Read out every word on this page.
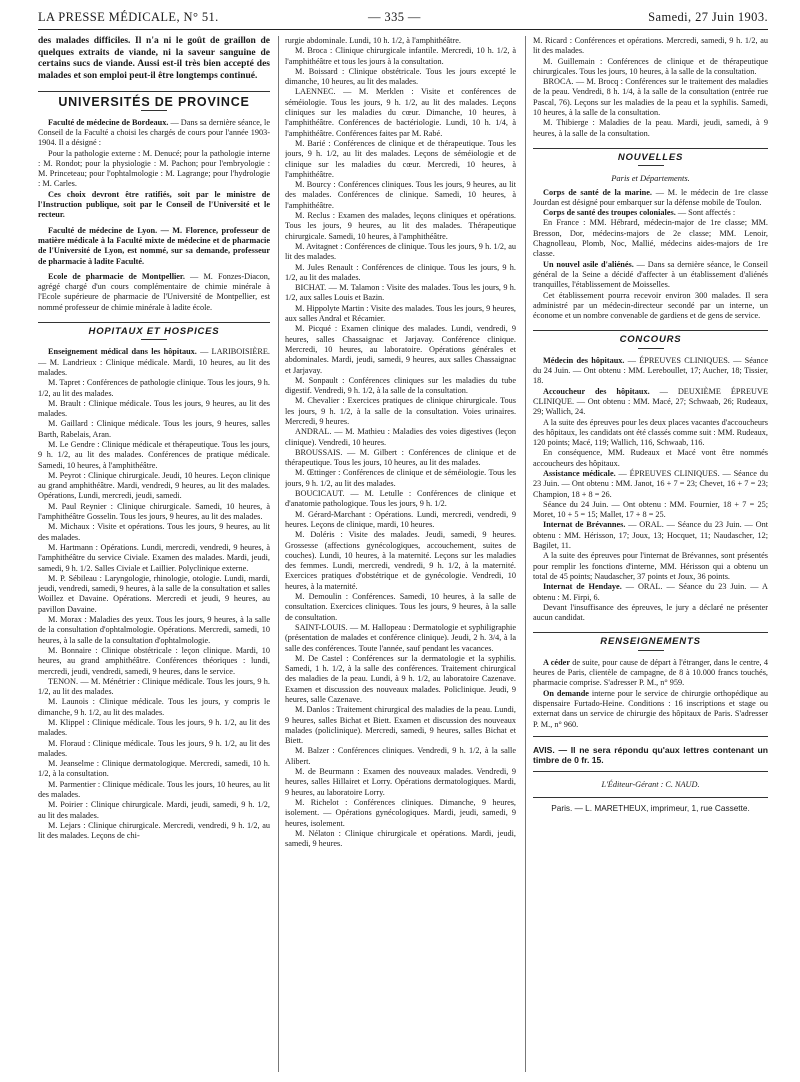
LA PRESSE MÉDICALE, N° 51.	— 335 —	Samedi, 27 Juin 1903.

des malades difficiles. Il n'a ni le goût de graillon de quelques extraits de viande, ni la saveur sanguine de certains sucs de viande. Aussi est-il très bien accepté des malades et son emploi peut-il être longtemps continué.

UNIVERSITÉS DE PROVINCE

Faculté de médecine de Bordeaux. — Dans sa dernière séance, le Conseil de la Faculté a choisi les chargés de cours pour l'année 1903-1904. Il a désigné :

Pour la pathologie externe : M. Denucé; pour la pathologie interne : M. Rondot; pour la physiologie : M. Pachon; pour l'embryologie : M. Princeteau; pour l'ophtalmologie : M. Lagrange; pour l'hydrologie : M. Carles.

Ces choix devront être ratifiés, soit par le ministre de l'Instruction publique, soit par le Conseil de l'Université et le recteur.

Faculté de médecine de Lyon. — M. Florence, professeur de matière médicale à la Faculté mixte de médecine et de pharmacie de l'Université de Lyon, est nommé, sur sa demande, professeur de pharmacie à ladite Faculté.

Ecole de pharmacie de Montpellier. — M. Fonzes-Diacon, agrégé chargé d'un cours complémentaire de chimie minérale à l'Ecole supérieure de pharmacie de l'Université de Montpellier, est nommé professeur de chimie minérale à ladite école.

HOPITAUX ET HOSPICES

Enseignement médical dans les hôpitaux. — LARIBOISIÈRE. — M. Landrieux : Clinique médicale. Mardi, 10 heures, au lit des malades.

M. Tapret : Conférences de pathologie clinique. Tous les jours, 9 h. 1/2, au lit des malades.

M. Brault : Clinique médicale. Tous les jours, 9 heures, au lit des malades.

M. Gaillard : Clinique médicale. Tous les jours, 9 heures, salles Barth, Rabelais, Aran.

M. Le Gendre : Clinique médicale et thérapeutique. Tous les jours, 9 h. 1/2, au lit des malades. Conférences de pratique médicale. Samedi, 10 heures, à l'amphithéâtre.

M. Peyrot : Clinique chirurgicale. Jeudi, 10 heures. Leçon clinique au grand amphithéâtre. Mardi, vendredi, 9 heures, au lit des malades. Opérations, Lundi, mercredi, jeudi, samedi.

M. Paul Reynier : Clinique chirurgicale. Samedi, 10 heures, à l'amphithéâtre Gosselin. Tous les jours, 9 heures, au lit des malades.

M. Michaux : Visite et opérations. Tous les jours, 9 heures, au lit des malades.

M. Hartmann : Opérations. Lundi, mercredi, vendredi, 9 heures, à l'amphithéâtre du service Civiale. Examen des malades. Mardi, jeudi, samedi, 9 h. 1/2. Salles Civiale et Laillier. Polyclinique externe.

M. P. Sébileau : Laryngologie, rhinologie, otologie. Lundi, mardi, jeudi, vendredi, samedi, 9 heures, à la salle de la consultation et salles Woillez et Davaine. Opérations. Mercredi et jeudi, 9 heures, au pavillon Davaine.

M. Morax : Maladies des yeux. Tous les jours, 9 heures, à la salle de la consultation d'ophtalmologie. Opérations. Mercredi, samedi, 10 heures, à la salle de la consultation d'ophtalmologie.

M. Bonnaire : Clinique obstétricale : leçon clinique. Mardi, 10 heures, au grand amphithéâtre. Conférences théoriques : lundi, mercredi, jeudi, vendredi, samedi, 9 heures, dans le service.

TENON. — M. Ménétrier : Clinique médicale. Tous les jours, 9 h. 1/2, au lit des malades.

M. Launois : Clinique médicale. Tous les jours, y compris le dimanche, 9 h. 1/2, au lit des malades.

M. Klippel : Clinique médicale. Tous les jours, 9 h. 1/2, au lit des malades.

M. Floraud : Clinique médicale. Tous les jours, 9 h. 1/2, au lit des malades.

M. Jeanselme : Clinique dermatologique. Mercredi, samedi, 10 h. 1/2, à la consultation.

M. Parmentier : Clinique médicale. Tous les jours, 10 heures, au lit des malades.

M. Poirier : Clinique chirurgicale. Mardi, jeudi, samedi, 9 h. 1/2, au lit des malades.

M. Lejars : Clinique chirurgicale. Mercredi, vendredi, 9 h. 1/2, au lit des malades. Leçons de chi-

rurgie abdominale. Lundi, 10 h. 1/2, à l'amphithéâtre.

M. Broca : Clinique chirurgicale infantile. Mercredi, 10 h. 1/2, à l'amphithéâtre et tous les jours à la consultation.

M. Boissard : Clinique obstétricale. Tous les jours excepté le dimanche, 10 heures, au lit des malades.

LAENNEC. — M. Merklen : Visite et conférences de séméiologie. Tous les jours, 9 h. 1/2, au lit des malades. Leçons cliniques sur les maladies du cœur. Dimanche, 10 heures, à l'amphithéâtre. Conférences de bactériologie. Lundi, 10 h. 1/4, à l'amphithéâtre. Conférences faites par M. Rabé.

M. Barié : Conférences de clinique et de thérapeutique. Tous les jours, 9 h. 1/2, au lit des malades. Leçons de séméiologie et de clinique sur les maladies du cœur. Mercredi, 10 heures, à l'amphithéâtre.

M. Bourcy : Conférences cliniques. Tous les jours, 9 heures, au lit des malades. Conférences de clinique. Samedi, 10 heures, à l'amphithéâtre.

M. Reclus : Examen des malades, leçons cliniques et opérations. Tous les jours, 9 heures, au lit des malades. Thérapeutique chirurgicale. Samedi, 10 heures, à l'amphithéâtre.

M. Avitagnet : Conférences de clinique. Tous les jours, 9 h. 1/2, au lit des malades.

M. Jules Renault : Conférences de clinique. Tous les jours, 9 h. 1/2, au lit des malades.

BICHAT. — M. Talamon : Visite des malades. Tous les jours, 9 h. 1/2, aux salles Louis et Bazin.

M. Hippolyte Martin : Visite des malades. Tous les jours, 9 heures, aux salles Andral et Récamier.

M. Picqué : Examen clinique des malades. Lundi, vendredi, 9 heures, salles Chassaignac et Jarjavay. Conférence clinique. Mercredi, 10 heures, au laboratoire. Opérations générales et abdominales. Mardi, jeudi, samedi, 9 heures, aux salles Chassaignac et Jarjavay.

M. Sonpault : Conférences cliniques sur les maladies du tube digestif. Vendredi, 9 h. 1/2, à la salle de la consultation.

M. Chevalier : Exercices pratiques de clinique chirurgicale. Tous les jours, 9 h. 1/2, à la salle de la consultation. Voies urinaires. Mercredi, 9 heures.

ANDRAL. — M. Mathieu : Maladies des voies digestives (leçon clinique). Vendredi, 10 heures.

BROUSSAIS. — M. Gilbert : Conférences de clinique et de thérapeutique. Tous les jours, 10 heures, au lit des malades.

M. Œttinger : Conférences de clinique et de séméiologie. Tous les jours, 9 h. 1/2, au lit des malades.

BOUCICAUT. — M. Letulle : Conférences de clinique et d'anatomie pathologique. Tous les jours, 9 h. 1/2.

M. Gérard-Marchant : Opérations. Lundi, mercredi, vendredi, 9 heures. Leçons de clinique, mardi, 10 heures.

M. Doléris : Visite des malades. Jeudi, samedi, 9 heures. Grossesse (affections gynécologiques, accouchement, suites de couches). Lundi, 10 heures, à la maternité. Leçons sur les maladies des femmes. Lundi, mercredi, vendredi, 9 h. 1/2, à la maternité. Exercices pratiques d'obstétrique et de gynécologie. Vendredi, 10 heures, à la maternité.

M. Demoulin : Conférences. Samedi, 10 heures, à la salle de consultation. Exercices cliniques. Tous les jours, 9 heures, à la salle de consultation.

SAINT-LOUIS. — M. Hallopeau : Dermatologie et syphiligraphie (présentation de malades et conférence clinique). Jeudi, 2 h. 3/4, à la salle des conférences. Toute l'année, sauf pendant les vacances.

M. De Castel : Conférences sur la dermatologie et la syphilis. Samedi, 1 h. 1/2, à la salle des conférences. Traitement chirurgical des maladies de la peau. Lundi, à 9 h. 1/2, au laboratoire Cazenave. Examen et discussion des nouveaux malades. Policlinique. Jeudi, 9 heures, salle Cazenave.

M. Danlos : Traitement chirurgical des maladies de la peau. Lundi, 9 heures, salles Bichat et Biett. Examen et discussion des nouveaux malades (policlinique). Mercredi, samedi, 9 heures, salles Bichat et Biett.

M. Balzer : Conférences cliniques. Vendredi, 9 h. 1/2, à la salle Alibert.

M. de Beurmann : Examen des nouveaux malades. Vendredi, 9 heures, salles Hillairet et Lorry. Opérations dermatologiques. Mardi, 9 heures, au laboratoire Lorry.

M. Richelot : Conférences cliniques. Dimanche, 9 heures, isolement. — Opérations gynécologiques. Mardi, jeudi, samedi, 9 heures, isolement.

M. Nélaton : Clinique chirurgicale et opérations. Mardi, jeudi, samedi, 9 heures.

M. Ricard : Conférences et opérations. Mercredi, samedi, 9 h. 1/2, au lit des malades.

M. Guillemain : Conférences de clinique et de thérapeutique chirurgicales. Tous les jours, 10 heures, à la salle de la consultation.

BROCA. — M. Brocq : Conférences sur le traitement des maladies de la peau. Vendredi, 8 h. 1/4, à la salle de la consultation (entrée rue Pascal, 76). Leçons sur les maladies de la peau et la syphilis. Samedi, 10 heures, à la salle de la consultation.

M. Thibierge : Maladies de la peau. Mardi, jeudi, samedi, à 9 heures, à la salle de la consultation.

NOUVELLES
Paris et Départements.

Corps de santé de la marine. — M. le médecin de 1re classe Jourdan est désigné pour embarquer sur la défense mobile de Toulon.

Corps de santé des troupes coloniales. — Sont affectés :

En France : MM. Hébrard, médecin-major de 1re classe; MM. Bresson, Dor, médecins-majors de 2e classe; MM. Lenoir, Chagnolleau, Plomb, Noc, Mallié, médecins aides-majors de 1re classe.

Un nouvel asile d'aliénés. — Dans sa dernière séance, le Conseil général de la Seine a décidé d'affecter à un établissement d'aliénés tranquilles, l'établissement de Moisselles.

Cet établissement pourra recevoir environ 300 malades. Il sera administré par un médecin-directeur secondé par un interne, un économe et un nombre convenable de gardiens et de gens de service.

CONCOURS

Médecin des hôpitaux. — ÉPREUVES CLINIQUES. — Séance du 24 Juin. — Ont obtenu : MM. Lereboullet, 17; Aucher, 18; Tissier, 18.

Accoucheur des hôpitaux. — DEUXIÈME ÉPREUVE CLINIQUE. — Ont obtenu : MM. Macé, 27; Schwaab, 26; Rudeaux, 29; Wallich, 24.

A la suite des épreuves pour les deux places vacantes d'accoucheurs des hôpitaux, les candidats ont été classés comme suit : MM. Rudeaux, 120 points; Macé, 119; Wallich, 116, Schwaab, 116.

En conséquence, MM. Rudeaux et Macé vont être nommés accoucheurs des hôpitaux.

Assistance médicale. — ÉPREUVES CLINIQUES. — Séance du 23 Juin. — Ont obtenu : MM. Janot, 16 + 7 = 23; Chevet, 16 + 7 = 23; Champion, 18 + 8 = 26.

Séance du 24 Juin. — Ont obtenu : MM. Fournier, 18 + 7 = 25; Moret, 10 + 5 = 15; Mallet, 17 + 8 = 25.

Internat de Brévannes. — ORAL. — Séance du 23 Juin. — Ont obtenu : MM. Hérisson, 17; Joux, 13; Hocquet, 11; Naudascher, 12; Bagilet, 11.

A la suite des épreuves pour l'internat de Brévannes, sont présentés pour remplir les fonctions d'interne, MM. Hérisson qui a obtenu un total de 45 points; Naudascher, 37 points et Joux, 36 points.

Internat de Hendaye. — ORAL. — Séance du 23 Juin. — A obtenu : M. Firpi, 6.

Devant l'insuffisance des épreuves, le jury a déclaré ne présenter aucun candidat.

RENSEIGNEMENTS

A céder de suite, pour cause de départ à l'étranger, dans le centre, 4 heures de Paris, clientèle de campagne, de 8 à 10.000 francs touchés, pharmacie comprise. S'adresser P. M., n° 959.

On demande interne pour le service de chirurgie orthopédique au dispensaire Furtado-Heine. Conditions : 16 inscriptions et stage ou externat dans un service de chirurgie des hôpitaux de Paris. S'adresser P. M., n° 960.

AVIS. — Il ne sera répondu qu'aux lettres contenant un timbre de 0 fr. 15.

L'Éditeur-Gérant : C. NAUD.
Paris. — L. MARETHEUX, imprimeur, 1, rue Cassette.
